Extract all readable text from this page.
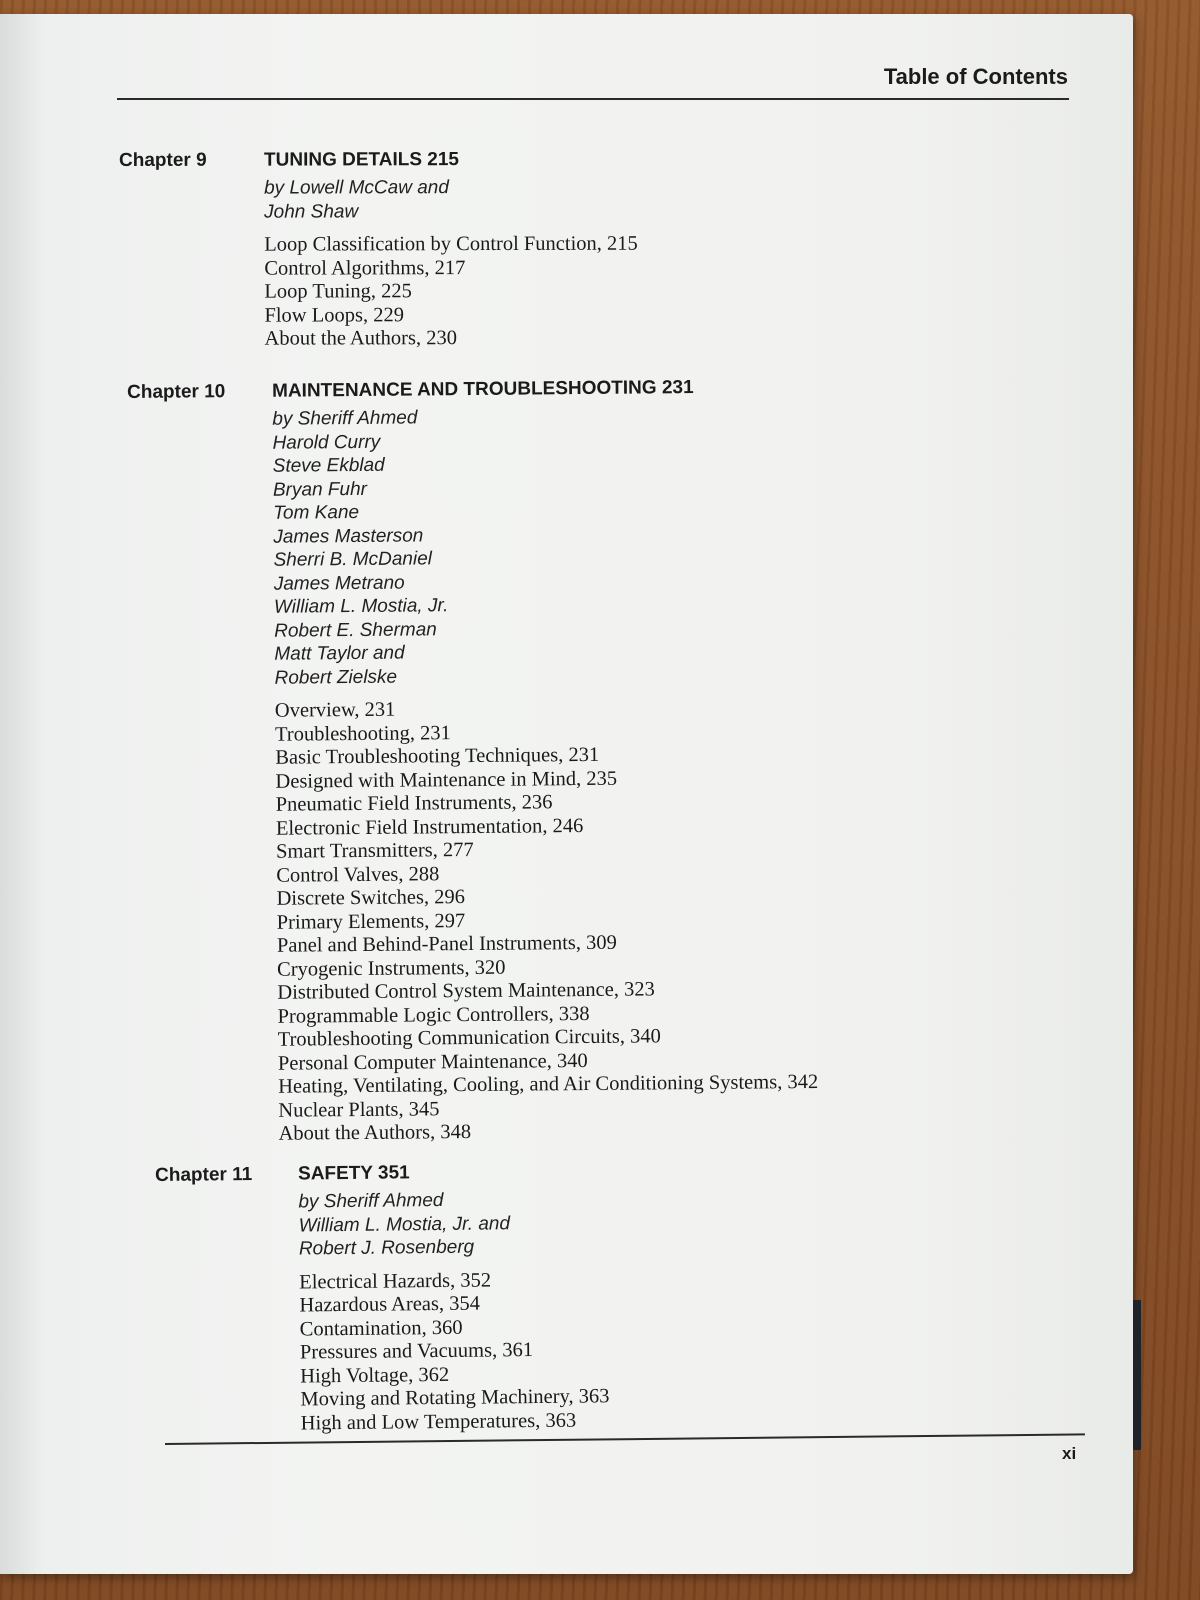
Table of Contents
Chapter 9	TUNING DETAILS 215
by Lowell McCaw and
John Shaw
Loop Classification by Control Function, 215
Control Algorithms, 217
Loop Tuning, 225
Flow Loops, 229
About the Authors, 230
Chapter 10 MAINTENANCE AND TROUBLESHOOTING 231
by Sheriff Ahmed
Harold Curry
Steve Ekblad
Bryan Fuhr
Tom Kane
James Masterson
Sherri B. McDaniel
James Metrano
William L. Mostia, Jr.
Robert E. Sherman
Matt Taylor and
Robert Zielske
Overview, 231
Troubleshooting, 231
Basic Troubleshooting Techniques, 231
Designed with Maintenance in Mind, 235
Pneumatic Field Instruments, 236
Electronic Field Instrumentation, 246
Smart Transmitters, 277
Control Valves, 288
Discrete Switches, 296
Primary Elements, 297
Panel and Behind-Panel Instruments, 309
Cryogenic Instruments, 320
Distributed Control System Maintenance, 323
Programmable Logic Controllers, 338
Troubleshooting Communication Circuits, 340
Personal Computer Maintenance, 340
Heating, Ventilating, Cooling, and Air Conditioning Systems, 342
Nuclear Plants, 345
About the Authors, 348
Chapter 11 SAFETY 351
by Sheriff Ahmed
William L. Mostia, Jr. and
Robert J. Rosenberg
Electrical Hazards, 352
Hazardous Areas, 354
Contamination, 360
Pressures and Vacuums, 361
High Voltage, 362
Moving and Rotating Machinery, 363
High and Low Temperatures, 363
xi
